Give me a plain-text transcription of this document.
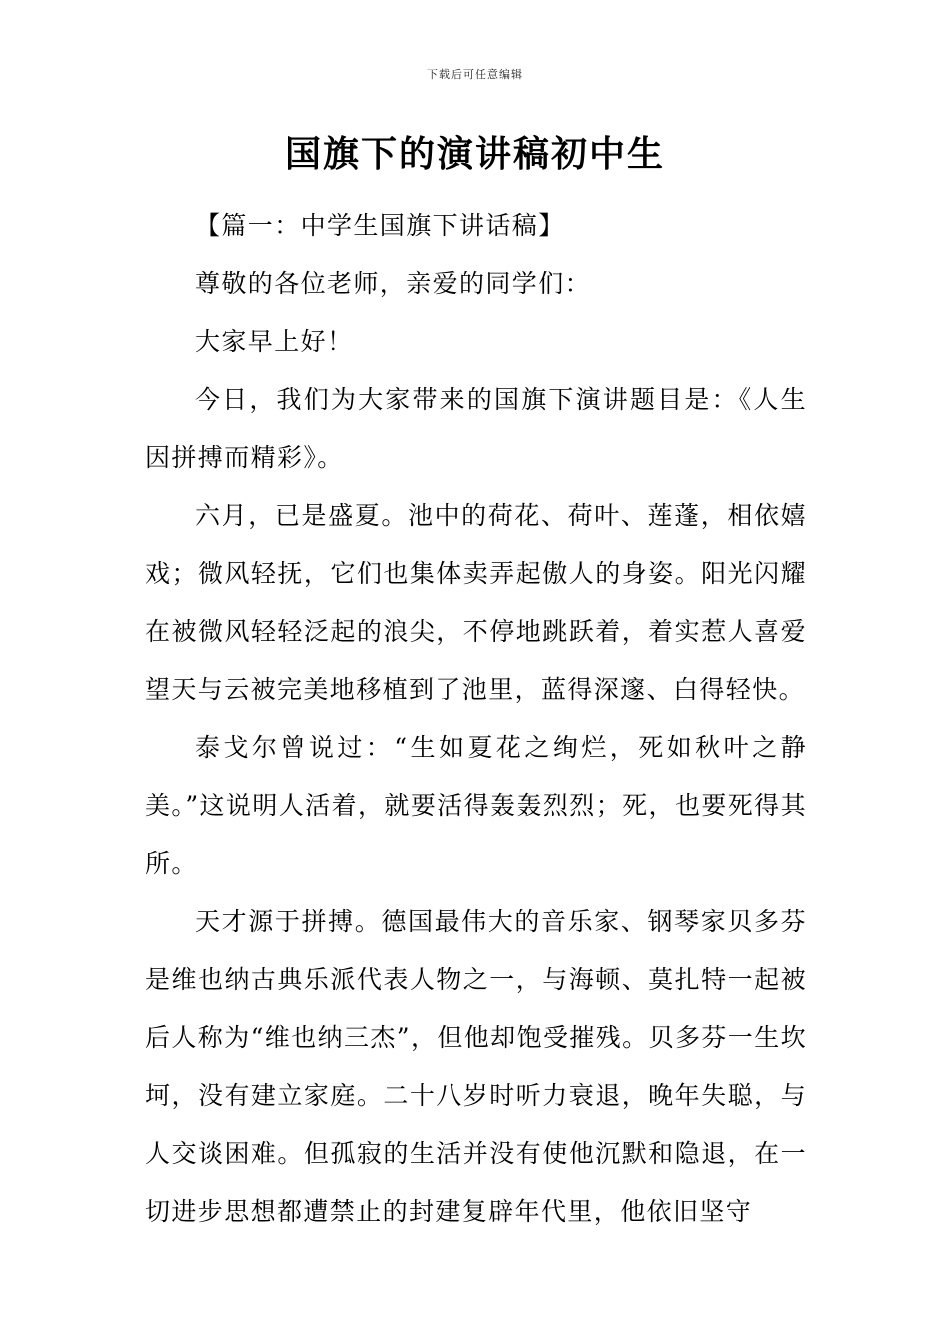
下载后可任意编辑
国旗下的演讲稿初中生

【篇一：中学生国旗下讲话稿】

尊敬的各位老师，亲爱的同学们：

大家早上好！

今日，我们为大家带来的国旗下演讲题目是：《人生因拼搏而精彩》。

六月，已是盛夏。池中的荷花、荷叶、莲蓬，相依嬉戏；微风轻抚，它们也集体卖弄起傲人的身姿。阳光闪耀在被微风轻轻泛起的浪尖，不停地跳跃着，着实惹人喜爱望天与云被完美地移植到了池里，蓝得深邃、白得轻快。

泰戈尔曾说过：“生如夏花之绚烂，死如秋叶之静美。”这说明人活着，就要活得轰轰烈烈；死，也要死得其所。

天才源于拼搏。德国最伟大的音乐家、钢琴家贝多芬是维也纳古典乐派代表人物之一，与海顿、莫扎特一起被后人称为“维也纳三杰”，但他却饱受摧残。贝多芬一生坎坷，没有建立家庭。二十八岁时听力衰退，晚年失聪，与人交谈困难。但孤寂的生活并没有使他沉默和隐退，在一切进步思想都遭禁止的封建复辟年代里，他依旧坚守
